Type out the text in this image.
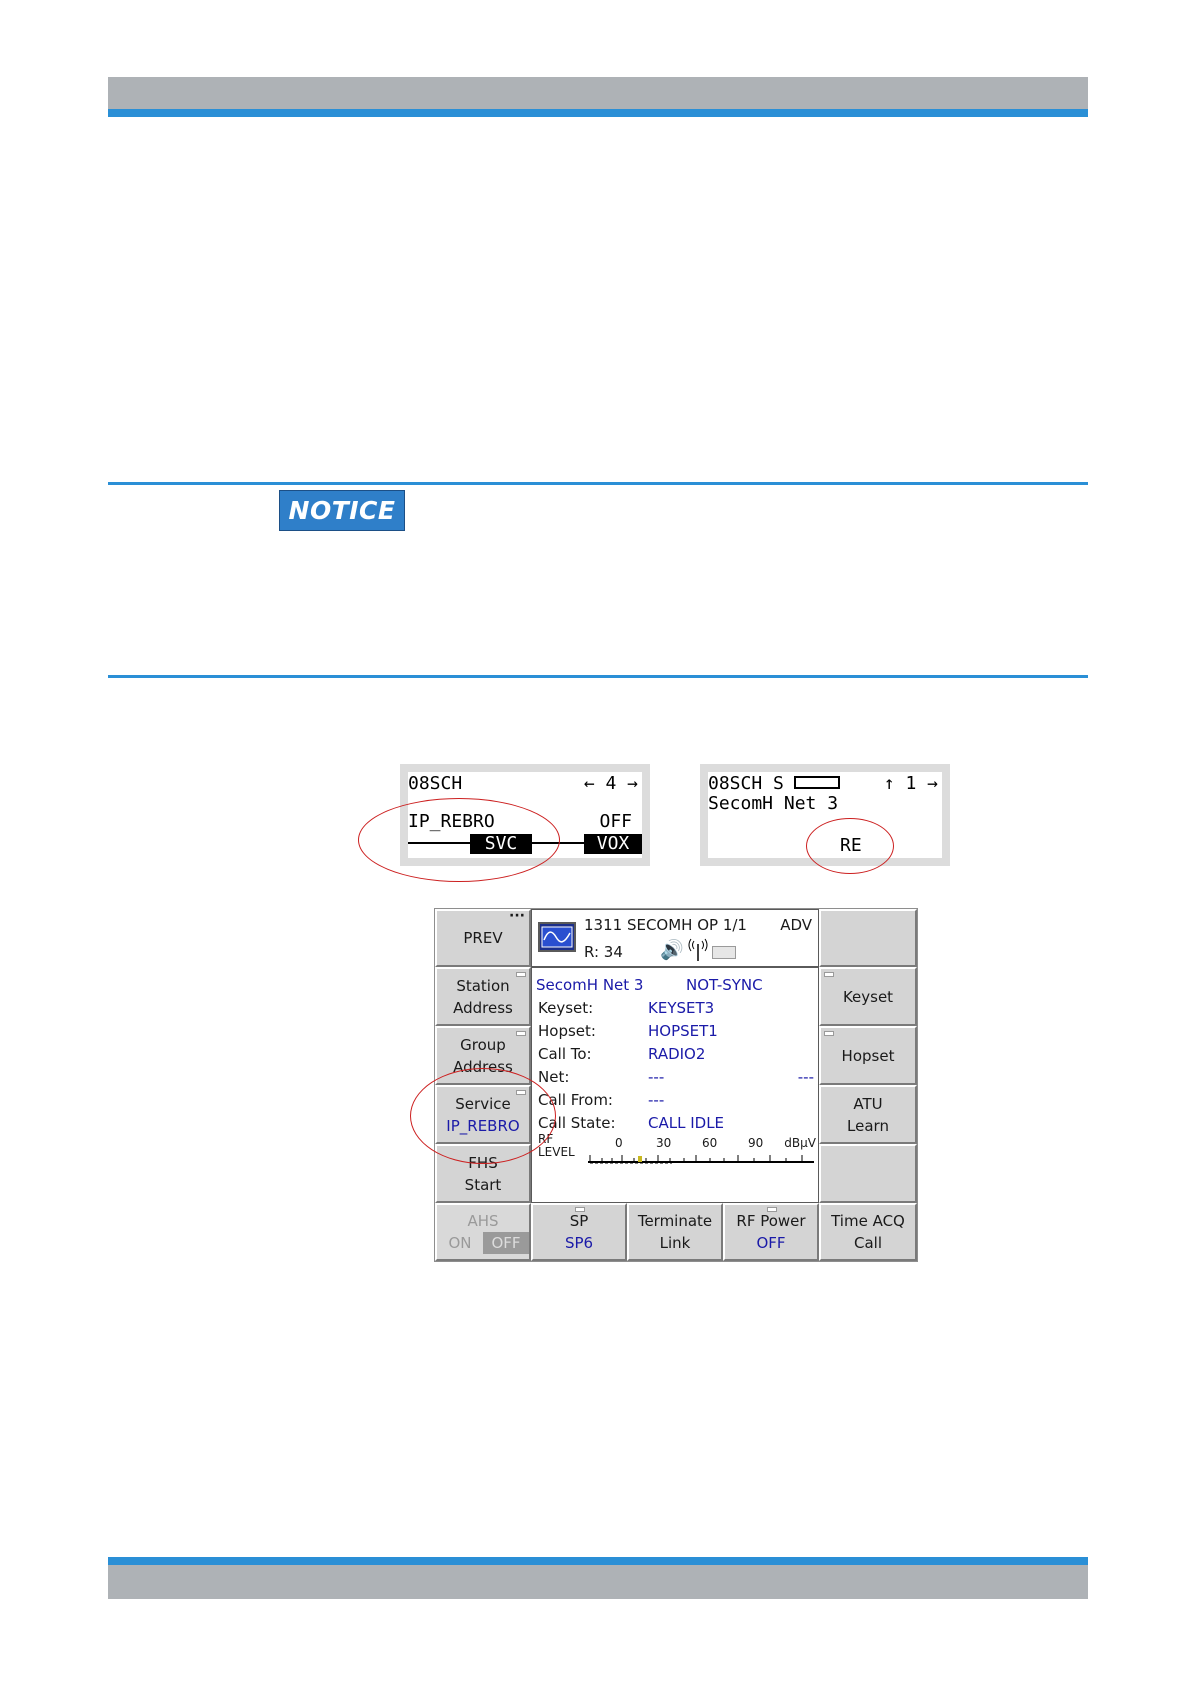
NOTICE
08SCH	← 4 →
IP_REBRO	OFF
SVC	VOX
08SCH S	↑ 1 →
SecomH Net 3
RE
PREV
···
Station
Address
Group
Address
Service
IP_REBRO
FHS
Start
AHS
ON	OFF
Keyset
Hopset
ATU
Learn
Time ACQ
Call
SP
SP6
Terminate
Link
RF Power
OFF
1311 SECOMH OP 1/1 ADV
R: 34 🔊
SecomH Net 3	NOT-SYNC
Keyset:	KEYSET3
Hopset:	HOPSET1
Call To:	RADIO2
Net:	---	---
Call From: ---
Call State: CALL IDLE
RF
LEVEL
0	30	60	90 dBµV
